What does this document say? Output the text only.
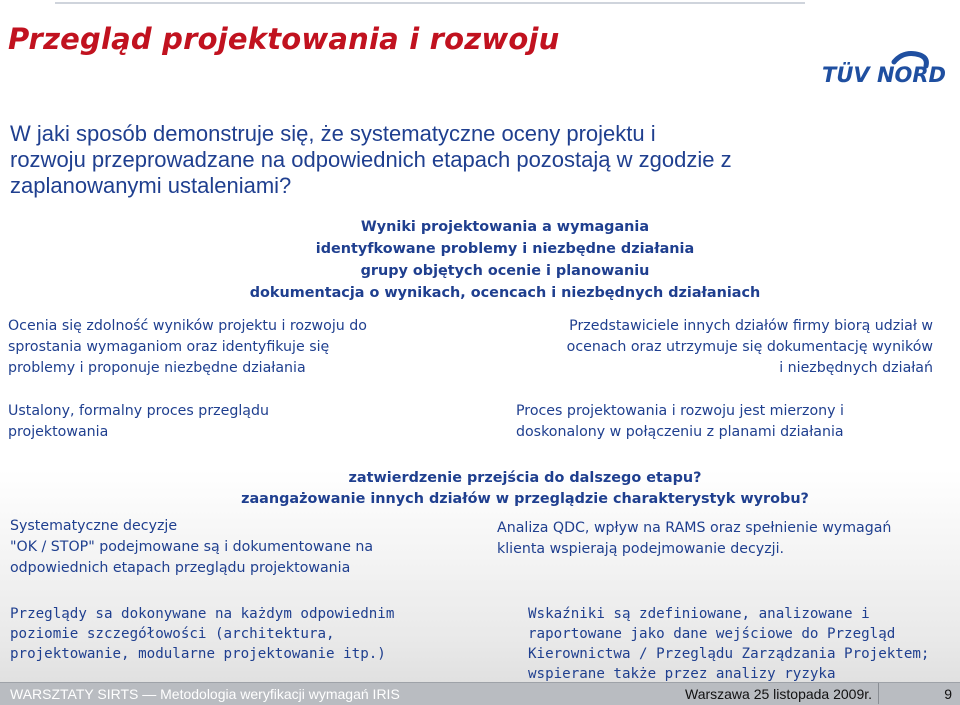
Przegląd projektowania i rozwoju
TÜV NORD
W jaki sposób demonstruje się, że systematyczne oceny projektu i
rozwoju przeprowadzane na odpowiednich etapach pozostają w zgodzie z
zaplanowanymi ustaleniami?
Wyniki projektowania a wymagania
identyfkowane problemy i niezbędne działania
grupy objętych ocenie i planowaniu
dokumentacja o wynikach, ocencach i niezbędnych działaniach
Ocenia się zdolność wyników projektu i rozwoju do
sprostania wymaganiom oraz identyfikuje się
problemy i proponuje niezbędne działania
Przedstawiciele innych działów firmy biorą udział w
ocenach oraz utrzymuje się dokumentację wyników
i niezbędnych działań
Ustalony, formalny proces przeglądu
projektowania
Proces projektowania i rozwoju jest mierzony i
doskonalony w połączeniu z planami działania
zatwierdzenie przejścia do dalszego etapu?
zaangażowanie innych działów w przeglądzie charakterystyk wyrobu?
Systematyczne decyzje
"OK / STOP" podejmowane są i dokumentowane na
odpowiednich etapach przeglądu projektowania
Analiza QDC, wpływ na RAMS oraz spełnienie wymagań
klienta wspierają podejmowanie decyzji.
Przeglądy sa dokonywane na każdym odpowiednim
poziomie szczegółowości (architektura,
projektowanie, modularne projektowanie itp.)
Wskaźniki są zdefiniowane, analizowane i
raportowane jako dane wejściowe do Przegląd
Kierownictwa / Przeglądu Zarządzania Projektem;
wspierane także przez analizy ryzyka
WARSZTATY SIRTS — Metodologia weryfikacji wymagań IRIS	Warszawa 25 listopada 2009r.	9
